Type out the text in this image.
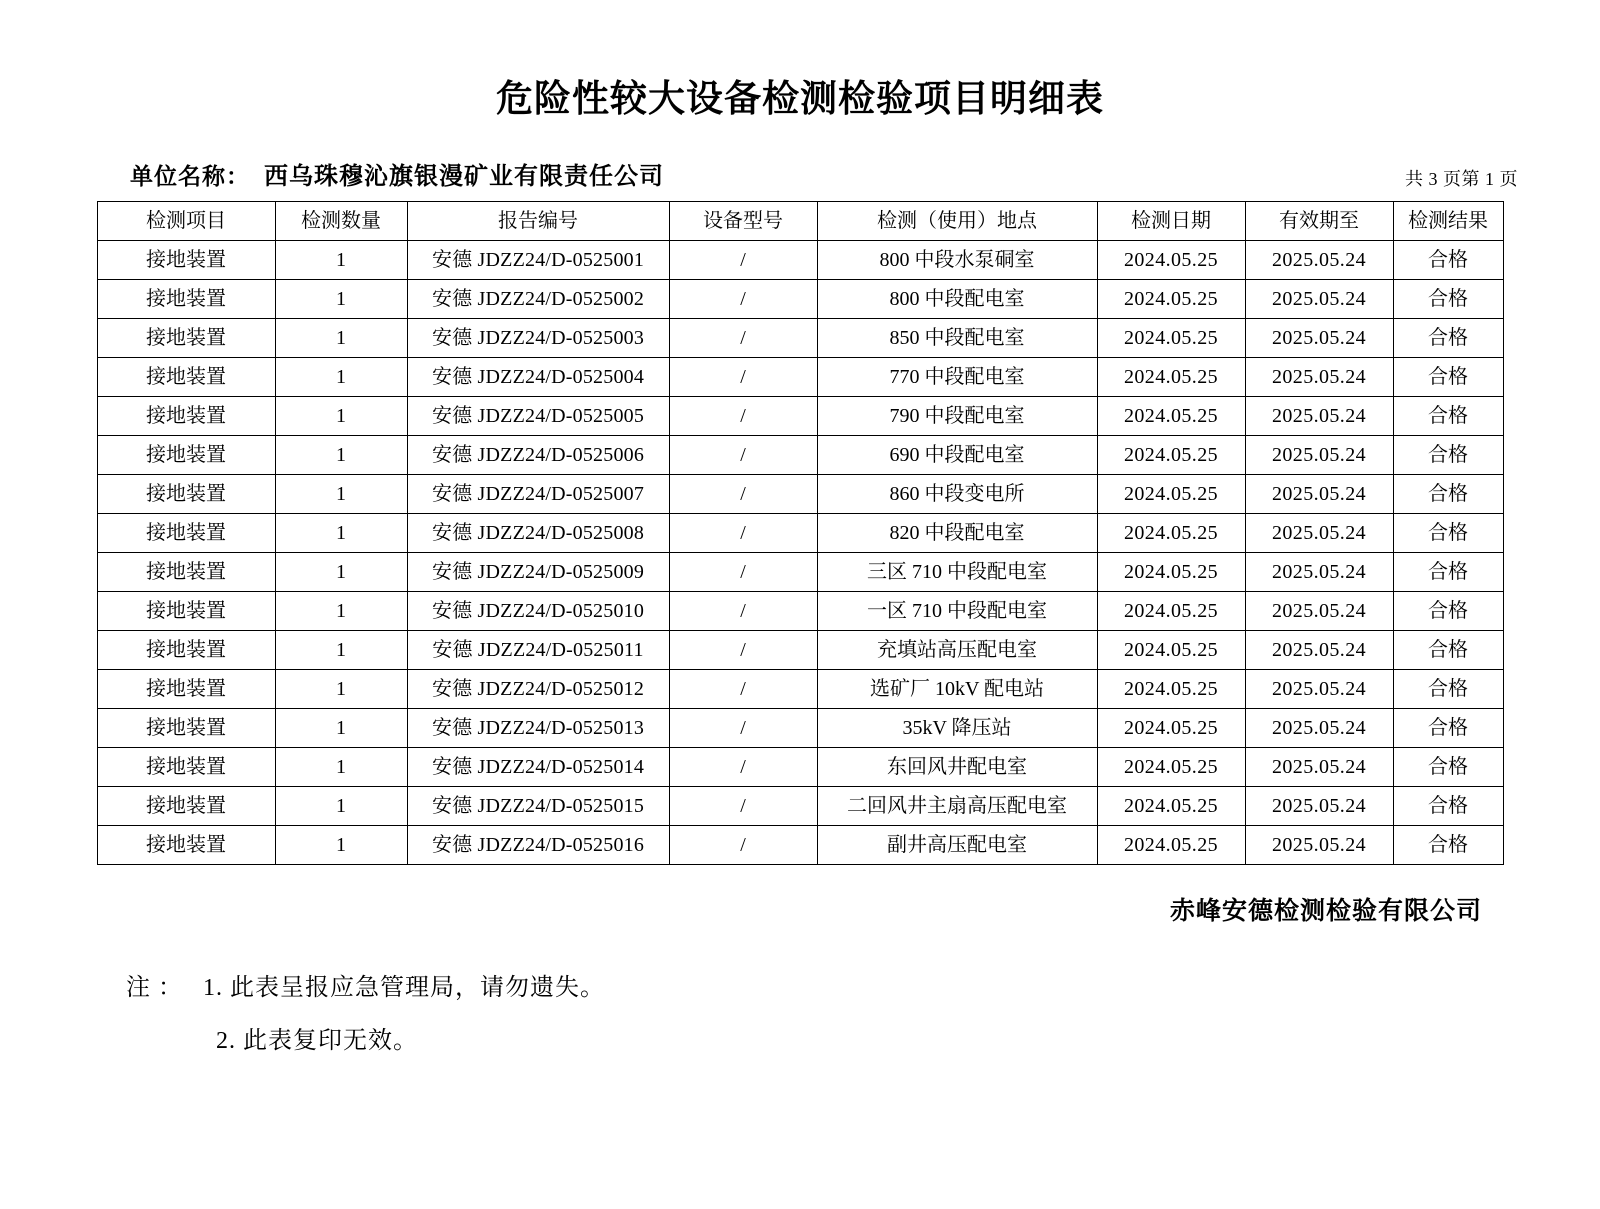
危险性较大设备检测检验项目明细表
单位名称： 西乌珠穆沁旗银漫矿业有限责任公司	共 3 页第 1 页
检测项目	检测数量	报告编号	设备型号	检测（使用）地点	检测日期	有效期至	检测结果
接地装置	1	安德 JDZZ24/D-0525001	/	800 中段水泵硐室	2024.05.25	2025.05.24	合格
接地装置	1	安德 JDZZ24/D-0525002	/	800 中段配电室	2024.05.25	2025.05.24	合格
接地装置	1	安德 JDZZ24/D-0525003	/	850 中段配电室	2024.05.25	2025.05.24	合格
接地装置	1	安德 JDZZ24/D-0525004	/	770 中段配电室	2024.05.25	2025.05.24	合格
接地装置	1	安德 JDZZ24/D-0525005	/	790 中段配电室	2024.05.25	2025.05.24	合格
接地装置	1	安德 JDZZ24/D-0525006	/	690 中段配电室	2024.05.25	2025.05.24	合格
接地装置	1	安德 JDZZ24/D-0525007	/	860 中段变电所	2024.05.25	2025.05.24	合格
接地装置	1	安德 JDZZ24/D-0525008	/	820 中段配电室	2024.05.25	2025.05.24	合格
接地装置	1	安德 JDZZ24/D-0525009	/	三区 710 中段配电室	2024.05.25	2025.05.24	合格
接地装置	1	安德 JDZZ24/D-0525010	/	一区 710 中段配电室	2024.05.25	2025.05.24	合格
接地装置	1	安德 JDZZ24/D-0525011	/	充填站高压配电室	2024.05.25	2025.05.24	合格
接地装置	1	安德 JDZZ24/D-0525012	/	选矿厂 10kV 配电站	2024.05.25	2025.05.24	合格
接地装置	1	安德 JDZZ24/D-0525013	/	35kV 降压站	2024.05.25	2025.05.24	合格
接地装置	1	安德 JDZZ24/D-0525014	/	东回风井配电室	2024.05.25	2025.05.24	合格
接地装置	1	安德 JDZZ24/D-0525015	/	二回风井主扇高压配电室	2024.05.25	2025.05.24	合格
接地装置	1	安德 JDZZ24/D-0525016	/	副井高压配电室	2024.05.25	2025.05.24	合格
赤峰安德检测检验有限公司
注 ： 1. 此表呈报应急管理局，请勿遗失。
2. 此表复印无效。
